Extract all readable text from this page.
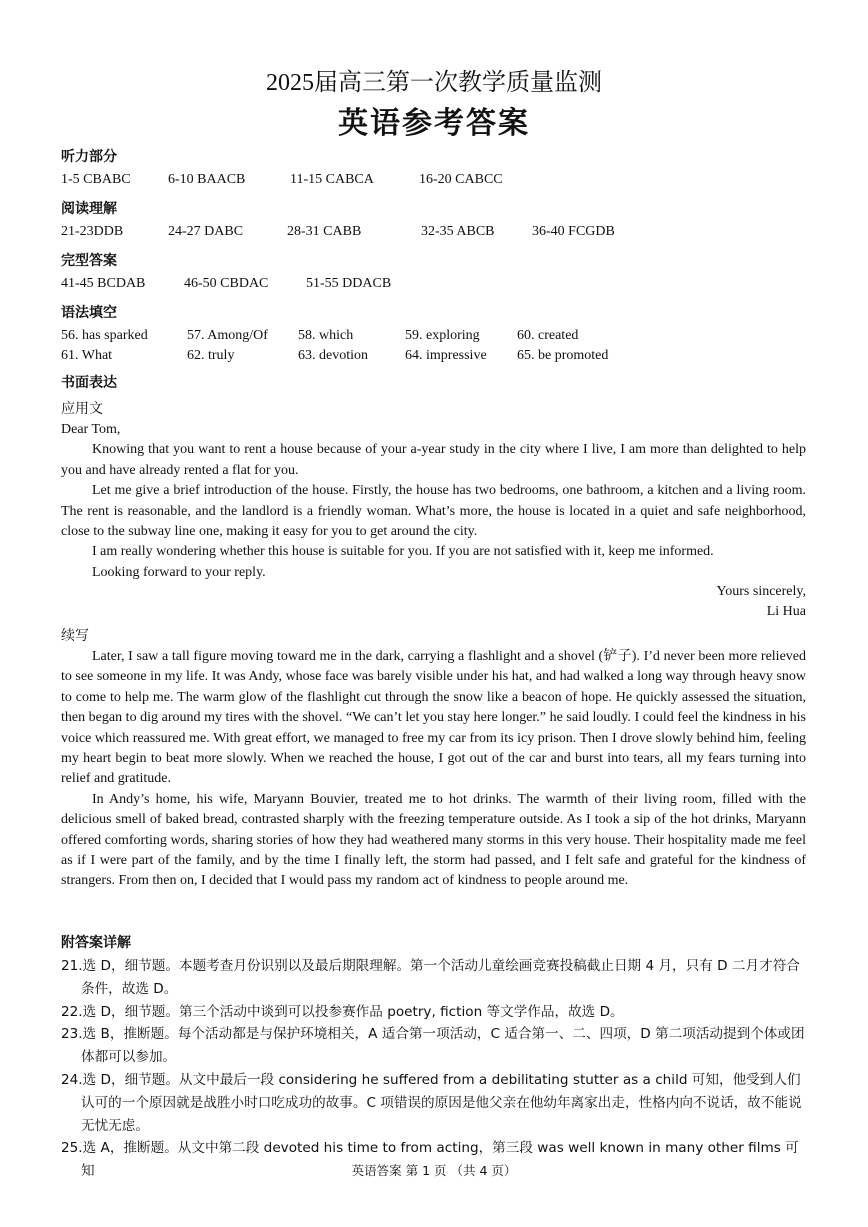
2025届高三第一次教学质量监测
英语参考答案
听力部分
1-5 CBABC	6-10 BAACB	11-15 CABCA	16-20 CABCC
阅读理解
21-23DDB	24-27 DABC	28-31 CABB	32-35 ABCB	36-40 FCGDB
完型答案
41-45 BCDAB	46-50 CBDAC	51-55 DDACB
语法填空
56. has sparked	57. Among/Of 58. which	59. exploring	60. created
61. What	62. truly	63. devotion	64. impressive 65. be promoted
书面表达
应用文
Dear Tom,

Knowing that you want to rent a house because of your a-year study in the city where I live, I am more than delighted to help you and have already rented a flat for you.

Let me give a brief introduction of the house. Firstly, the house has two bedrooms, one bathroom, a kitchen and a living room. The rent is reasonable, and the landlord is a friendly woman. What’s more, the house is located in a quiet and safe neighborhood, close to the subway line one, making it easy for you to get around the city.

I am really wondering whether this house is suitable for you. If you are not satisfied with it, keep me informed.

Looking forward to your reply.

Yours sincerely,
Li Hua
续写

Later, I saw a tall figure moving toward me in the dark, carrying a flashlight and a shovel (铲子). I’d never been more relieved to see someone in my life. It was Andy, whose face was barely visible under his hat, and had walked a long way through heavy snow to come to help me. The warm glow of the flashlight cut through the snow like a beacon of hope. He quickly assessed the situation, then began to dig around my tires with the shovel. “We can’t let you stay here longer.” he said loudly. I could feel the kindness in his voice which reassured me. With great effort, we managed to free my car from its icy prison. Then I drove slowly behind him, feeling my heart begin to beat more slowly. When we reached the house, I got out of the car and burst into tears, all my fears turning into relief and gratitude.

In Andy’s home, his wife, Maryann Bouvier, treated me to hot drinks. The warmth of their living room, filled with the delicious smell of baked bread, contrasted sharply with the freezing temperature outside. As I took a sip of the hot drinks, Maryann offered comforting words, sharing stories of how they had weathered many storms in this very house. Their hospitality made me feel as if I were part of the family, and by the time I finally left, the storm had passed, and I felt safe and grateful for the kindness of strangers. From then on, I decided that I would pass my random act of kindness to people around me.

附答案详解

21.选 D，细节题。本题考查月份识别以及最后期限理解。第一个活动儿童绘画竞赛投稿截止日期 4 月，只有 D 二月才符合条件，故选 D。

22.选 D，细节题。第三个活动中谈到可以投参赛作品 poetry, fiction 等文学作品，故选 D。

23.选 B，推断题。每个活动都是与保护环境相关，A 适合第一项活动，C 适合第一、二、四项，D 第二项活动提到个体或团体都可以参加。

24.选 D，细节题。从文中最后一段 considering he suffered from a debilitating stutter as a child 可知，他受到人们认可的一个原因就是战胜小时口吃成功的故事。C 项错误的原因是他父亲在他幼年离家出走，性格内向不说话，故不能说无忧无虑。

25.选 A，推断题。从文中第二段 devoted his time to from acting，第三段 was well known in many other films 可知	英语答案 第 1 页 （共 4 页）
